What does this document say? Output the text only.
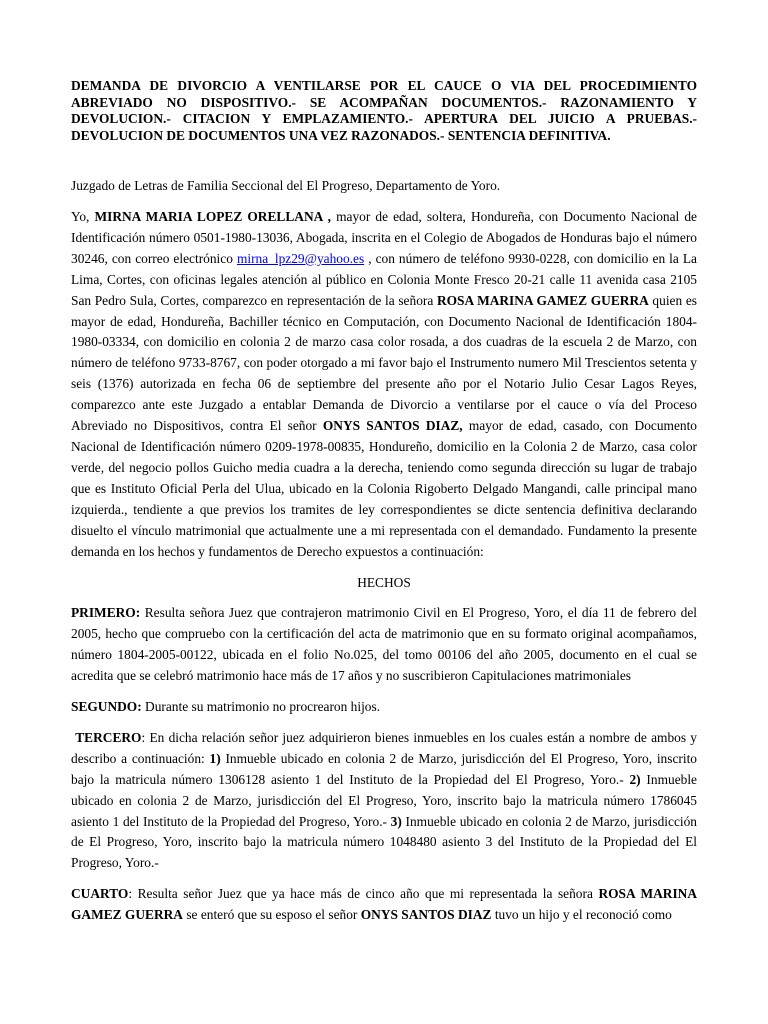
DEMANDA DE DIVORCIO A VENTILARSE POR EL CAUCE O VIA DEL PROCEDIMIENTO ABREVIADO NO DISPOSITIVO.- SE ACOMPAÑAN DOCUMENTOS.- RAZONAMIENTO Y DEVOLUCION.- CITACION Y EMPLAZAMIENTO.- APERTURA DEL JUICIO A PRUEBAS.- DEVOLUCION DE DOCUMENTOS UNA VEZ RAZONADOS.- SENTENCIA DEFINITIVA.

Juzgado de Letras de Familia Seccional del El Progreso, Departamento de Yoro.

Yo, MIRNA MARIA LOPEZ ORELLANA , mayor de edad, soltera, Hondureña, con Documento Nacional de Identificación número 0501-1980-13036, Abogada, inscrita en el Colegio de Abogados de Honduras bajo el número 30246, con correo electrónico mirna_lpz29@yahoo.es , con número de teléfono 9930-0228, con domicilio en la La Lima, Cortes, con oficinas legales atención al público en Colonia Monte Fresco 20-21 calle 11 avenida casa 2105 San Pedro Sula, Cortes, comparezco en representación de la señora ROSA MARINA GAMEZ GUERRA quien es mayor de edad, Hondureña, Bachiller técnico en Computación, con Documento Nacional de Identificación 1804-1980-03334, con domicilio en colonia 2 de marzo casa color rosada, a dos cuadras de la escuela 2 de Marzo, con número de teléfono 9733-8767, con poder otorgado a mi favor bajo el Instrumento numero Mil Trescientos setenta y seis (1376) autorizada en fecha 06 de septiembre del presente año por el Notario Julio Cesar Lagos Reyes, comparezco ante este Juzgado a entablar Demanda de Divorcio a ventilarse por el cauce o vía del Proceso Abreviado no Dispositivos, contra El señor ONYS SANTOS DIAZ, mayor de edad, casado, con Documento Nacional de Identificación número 0209-1978-00835, Hondureño, domicilio en la Colonia 2 de Marzo, casa color verde, del negocio pollos Guicho media cuadra a la derecha, teniendo como segunda dirección su lugar de trabajo que es Instituto Oficial Perla del Ulua, ubicado en la Colonia Rigoberto Delgado Mangandi, calle principal mano izquierda., tendiente a que previos los tramites de ley correspondientes se dicte sentencia definitiva declarando disuelto el vínculo matrimonial que actualmente une a mi representada con el demandado. Fundamento la presente demanda en los hechos y fundamentos de Derecho expuestos a continuación:

HECHOS

PRIMERO: Resulta señora Juez que contrajeron matrimonio Civil en El Progreso, Yoro, el día 11 de febrero del 2005, hecho que compruebo con la certificación del acta de matrimonio que en su formato original acompañamos, número 1804-2005-00122, ubicada en el folio No.025, del tomo 00106 del año 2005, documento en el cual se acredita que se celebró matrimonio hace más de 17 años y no suscribieron Capitulaciones matrimoniales

SEGUNDO: Durante su matrimonio no procrearon hijos.

TERCERO: En dicha relación señor juez adquirieron bienes inmuebles en los cuales están a nombre de ambos y describo a continuación: 1) Inmueble ubicado en colonia 2 de Marzo, jurisdicción del El Progreso, Yoro, inscrito bajo la matricula número 1306128 asiento 1 del Instituto de la Propiedad del El Progreso, Yoro.- 2) Inmueble ubicado en colonia 2 de Marzo, jurisdicción del El Progreso, Yoro, inscrito bajo la matricula número 1786045 asiento 1 del Instituto de la Propiedad del Progreso, Yoro.- 3) Inmueble ubicado en colonia 2 de Marzo, jurisdicción de El Progreso, Yoro, inscrito bajo la matricula número 1048480 asiento 3 del Instituto de la Propiedad del El Progreso, Yoro.-

CUARTO: Resulta señor Juez que ya hace más de cinco año que mi representada la señora ROSA MARINA GAMEZ GUERRA se enteró que su esposo el señor ONYS SANTOS DIAZ tuvo un hijo y el reconoció como
